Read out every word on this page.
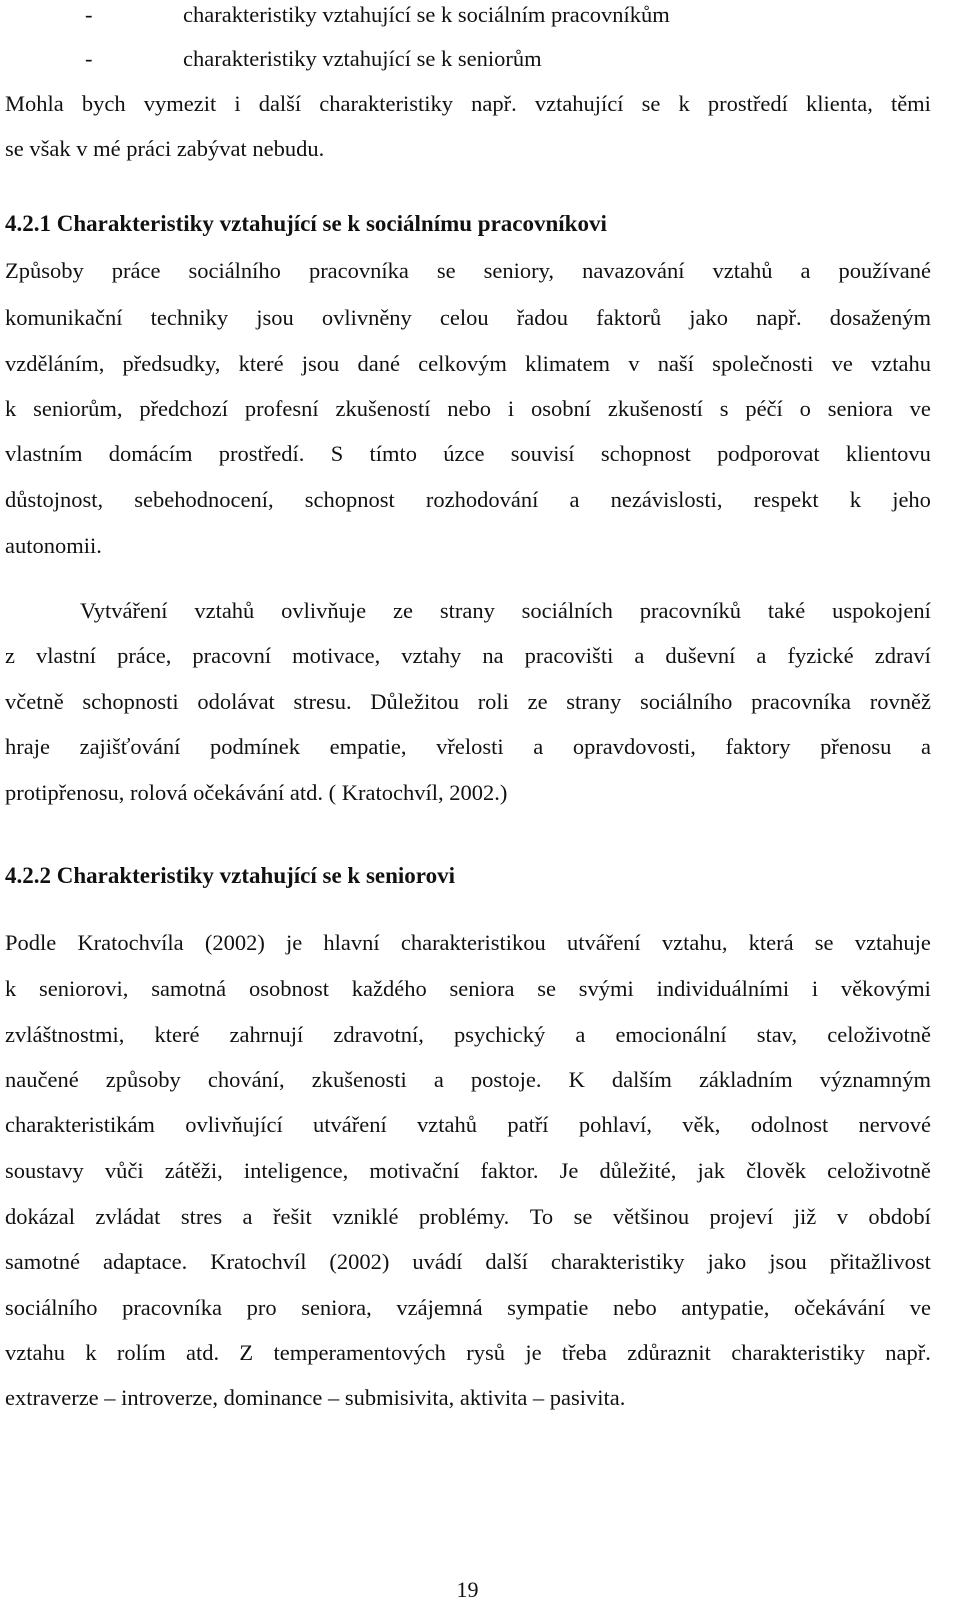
-	charakteristiky vztahující se k sociálním pracovníkům
-	charakteristiky vztahující se k seniorům
Mohla bych vymezit i další charakteristiky např. vztahující se k prostředí klienta, těmi
se však v mé práci zabývat nebudu.
4.2.1 Charakteristiky vztahující se k sociálnímu pracovníkovi
Způsoby práce sociálního pracovníka se seniory, navazování vztahů a používané
komunikační techniky jsou ovlivněny celou řadou faktorů jako např. dosaženým
vzděláním, předsudky, které jsou dané celkovým klimatem v naší společnosti ve vztahu
k seniorům, předchozí profesní zkušeností nebo i osobní zkušeností s péčí o seniora ve
vlastním domácím prostředí. S tímto úzce souvisí schopnost podporovat klientovu
důstojnost, sebehodnocení, schopnost rozhodování a nezávislosti, respekt k jeho
autonomii.
Vytváření vztahů ovlivňuje ze strany sociálních pracovníků také uspokojení
z vlastní práce, pracovní motivace, vztahy na pracovišti a duševní a fyzické zdraví
včetně schopnosti odolávat stresu. Důležitou roli ze strany sociálního pracovníka rovněž
hraje zajišťování podmínek empatie, vřelosti a opravdovosti, faktory přenosu a
protipřenosu, rolová očekávání atd. ( Kratochvíl, 2002.)
4.2.2 Charakteristiky vztahující se k seniorovi
Podle Kratochvíla (2002) je hlavní charakteristikou utváření vztahu, která se vztahuje
k seniorovi, samotná osobnost každého seniora se svými individuálními i věkovými
zvláštnostmi, které zahrnují zdravotní, psychický a emocionální stav, celoživotně
naučené způsoby chování, zkušenosti a postoje. K dalším základním významným
charakteristikám ovlivňující utváření vztahů patří pohlaví, věk, odolnost nervové
soustavy vůči zátěži, inteligence, motivační faktor. Je důležité, jak člověk celoživotně
dokázal zvládat stres a řešit vzniklé problémy. To se většinou projeví již v období
samotné adaptace. Kratochvíl (2002) uvádí další charakteristiky jako jsou přitažlivost
sociálního pracovníka pro seniora, vzájemná sympatie nebo antypatie, očekávání ve
vztahu k rolím atd. Z temperamentových rysů je třeba zdůraznit charakteristiky např.
extraverze – introverze, dominance – submisivita, aktivita – pasivita.
19
